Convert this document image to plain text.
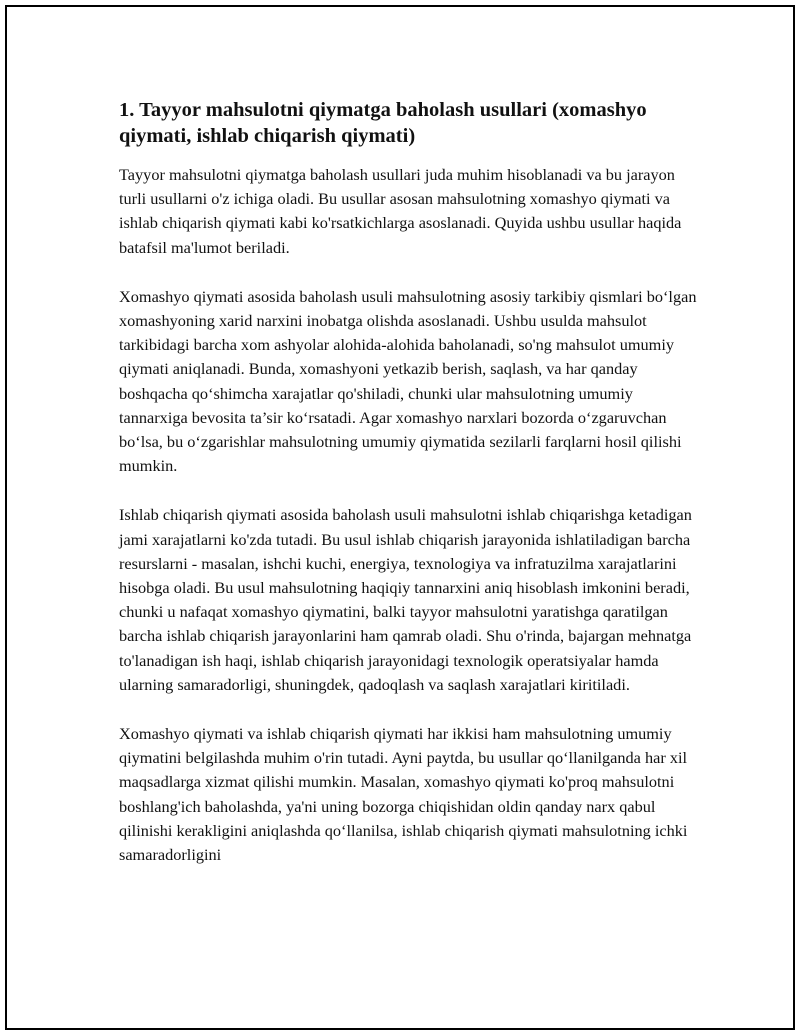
1. Tayyor mahsulotni qiymatga baholash usullari (xomashyo qiymati, ishlab chiqarish qiymati)

Tayyor mahsulotni qiymatga baholash usullari juda muhim hisoblanadi va bu jarayon turli usullarni o'z ichiga oladi. Bu usullar asosan mahsulotning xomashyo qiymati va ishlab chiqarish qiymati kabi ko'rsatkichlarga asoslanadi. Quyida ushbu usullar haqida batafsil ma'lumot beriladi.

Xomashyo qiymati asosida baholash usuli mahsulotning asosiy tarkibiy qismlari bo‘lgan xomashyoning xarid narxini inobatga olishda asoslanadi. Ushbu usulda mahsulot tarkibidagi barcha xom ashyolar alohida-alohida baholanadi, so'ng mahsulot umumiy qiymati aniqlanadi. Bunda, xomashyoni yetkazib berish, saqlash, va har qanday boshqacha qo‘shimcha xarajatlar qo'shiladi, chunki ular mahsulotning umumiy tannarxiga bevosita ta’sir ko‘rsatadi. Agar xomashyo narxlari bozorda o‘zgaruvchan bo‘lsa, bu o‘zgarishlar mahsulotning umumiy qiymatida sezilarli farqlarni hosil qilishi mumkin.

Ishlab chiqarish qiymati asosida baholash usuli mahsulotni ishlab chiqarishga ketadigan jami xarajatlarni ko'zda tutadi. Bu usul ishlab chiqarish jarayonida ishlatiladigan barcha resurslarni - masalan, ishchi kuchi, energiya, texnologiya va infratuzilma xarajatlarini hisobga oladi. Bu usul mahsulotning haqiqiy tannarxini aniq hisoblash imkonini beradi, chunki u nafaqat xomashyo qiymatini, balki tayyor mahsulotni yaratishga qaratilgan barcha ishlab chiqarish jarayonlarini ham qamrab oladi. Shu o'rinda, bajargan mehnatga to'lanadigan ish haqi, ishlab chiqarish jarayonidagi texnologik operatsiyalar hamda ularning samaradorligi, shuningdek, qadoqlash va saqlash xarajatlari kiritiladi.

Xomashyo qiymati va ishlab chiqarish qiymati har ikkisi ham mahsulotning umumiy qiymatini belgilashda muhim o'rin tutadi. Ayni paytda, bu usullar qo‘llanilganda har xil maqsadlarga xizmat qilishi mumkin. Masalan, xomashyo qiymati ko'proq mahsulotni boshlang'ich baholashda, ya'ni uning bozorga chiqishidan oldin qanday narx qabul qilinishi kerakligini aniqlashda qo‘llanilsa, ishlab chiqarish qiymati mahsulotning ichki samaradorligini
